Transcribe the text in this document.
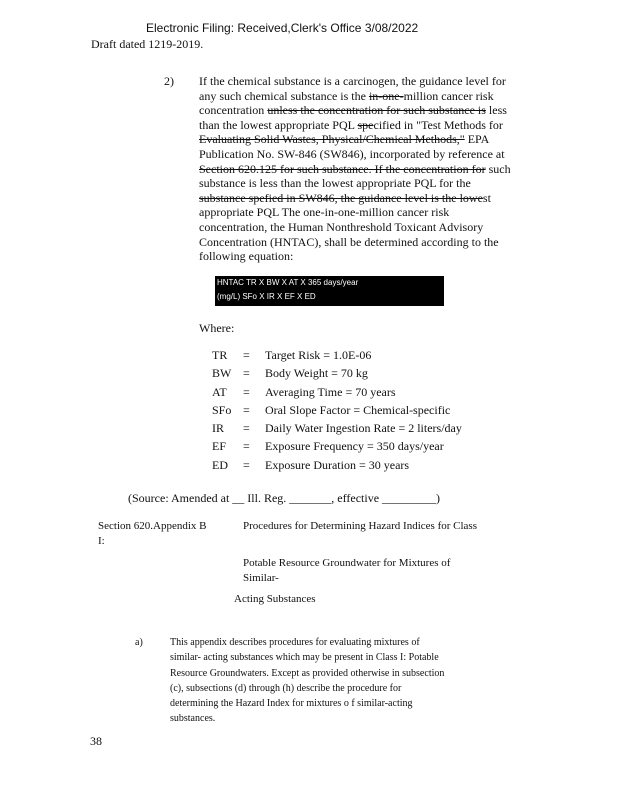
Electronic Filing: Received,Clerk's Office 3/08/2022
Draft dated 1219-2019.
2) If the chemical substance is a carcinogen, the guidance level for
any such chemical substance is the in-one-million cancer risk
concentration unless the concentration for such substance is less
than the lowest appropriate PQL specified in "Test Methods for
Evaluating Solid Wastes, Physical/Chemical Methods," EPA
Publication No. SW-846 (SW846), incorporated by reference at
Section 620.125 for such substance. If the concentration for such
substance is less than the lowest appropriate PQL for the
substance spefied in SW846, the guidance level is the lowest
appropriate PQL The one-in-one-million cancer risk
concentration, the Human Nonthreshold Toxicant Advisory
Concentration (HNTAC), shall be determined according to the
following equation:
HNTAC TR X BW X AT X 365 days/year
(mg/L) SFo X IR X EF X ED
Where:
TR = Target Risk = 1.0E-06
BW = Body Weight = 70 kg
AT = Averaging Time = 70 years
SFo = Oral Slope Factor = Chemical-specific
IR = Daily Water Ingestion Rate = 2 liters/day
EF = Exposure Frequency = 350 days/year
ED = Exposure Duration = 30 years
(Source: Amended at __ Ill. Reg. _______, effective _________)
Section 620.Appendix B
I:
Procedures for Determining Hazard Indices for Class
Potable Resource Groundwater for Mixtures of
Similar-
Acting Substances
a)	This appendix describes procedures for evaluating mixtures of
similar- acting substances which may be present in Class I: Potable
Resource Groundwaters. Except as provided otherwise in subsection
(c), subsections (d) through (h) describe the procedure for
determining the Hazard Index for mixtures o f similar-acting
substances.
38
